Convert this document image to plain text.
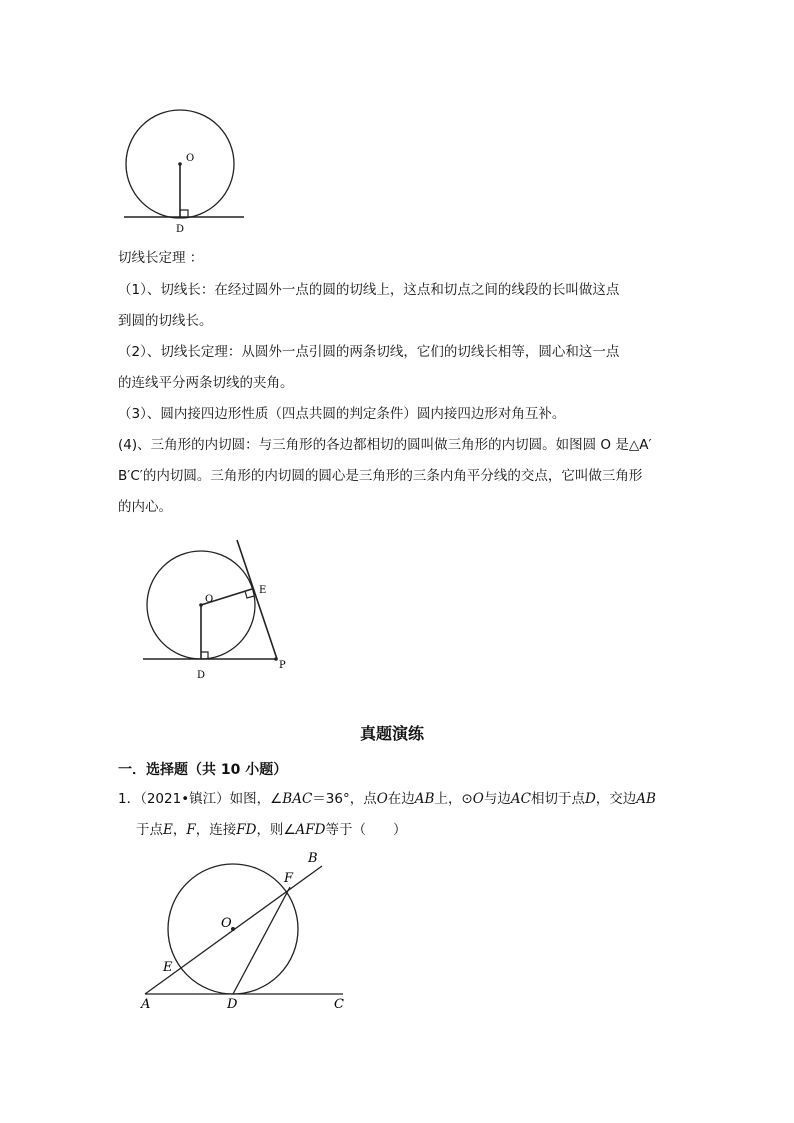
O
D
切线长定理 ：
（1）、切线长：在经过圆外一点的圆的切线上，这点和切点之间的线段的长叫做这点
到圆的切线长。
（2）、切线长定理：从圆外一点引圆的两条切线，它们的切线长相等，圆心和这一点
的连线平分两条切线的夹角。
（3）、圆内接四边形性质（四点共圆的判定条件）圆内接四边形对角互补。
(4)、三角形的内切圆：与三角形的各边都相切的圆叫做三角形的内切圆。如图圆 O 是△A′
B′C′的内切圆。三角形的内切圆的圆心是三角形的三条内角平分线的交点，它叫做三角形
的内心。
O
E
D
P
真题演练
一．选择题（共 10 小题）
1．（2021•镇江）如图，∠BAC＝36°，点O在边AB上，⊙O与边AC相切于点D，交边AB
于点E，F，连接FD，则∠AFD等于（　　）
B
F
O
E
A	D	C
